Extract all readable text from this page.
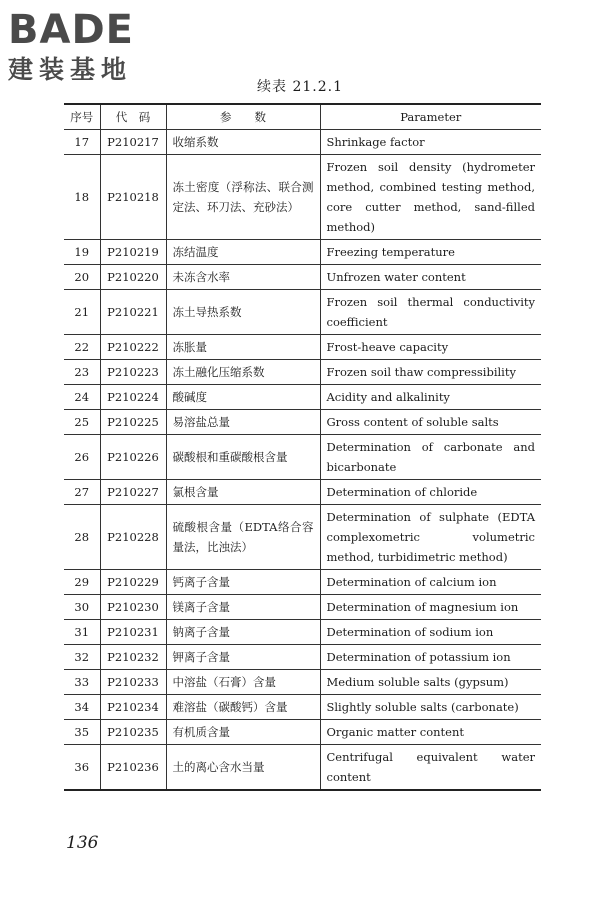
BADE
建装基地
续表 21.2.1
序号	代　码	参　　数	Parameter
17	P210217	收缩系数	Shrinkage factor
18	P210218	冻土密度（浮称法、联合测定法、环刀法、充砂法）	Frozen soil density (hydrometer method, combined testing method, core cutter method, sand-filled method)
19	P210219	冻结温度	Freezing temperature
20	P210220	未冻含水率	Unfrozen water content
21	P210221	冻土导热系数	Frozen soil thermal conductivity coefficient
22	P210222	冻胀量	Frost-heave capacity
23	P210223	冻土融化压缩系数	Frozen soil thaw compressibility
24	P210224	酸碱度	Acidity and alkalinity
25	P210225	易溶盐总量	Gross content of soluble salts
26	P210226	碳酸根和重碳酸根含量	Determination of carbonate and bicarbonate
27	P210227	氯根含量	Determination of chloride
28	P210228	硫酸根含量（EDTA络合容量法，比浊法）	Determination of sulphate (EDTA complexometric volumetric method, turbidimetric method)
29	P210229	钙离子含量	Determination of calcium ion
30	P210230	镁离子含量	Determination of magnesium ion
31	P210231	钠离子含量	Determination of sodium ion
32	P210232	钾离子含量	Determination of potassium ion
33	P210233	中溶盐（石膏）含量	Medium soluble salts (gypsum)
34	P210234	难溶盐（碳酸钙）含量	Slightly soluble salts (carbonate)
35	P210235	有机质含量	Organic matter content
36	P210236	土的离心含水当量	Centrifugal equivalent water content
136
